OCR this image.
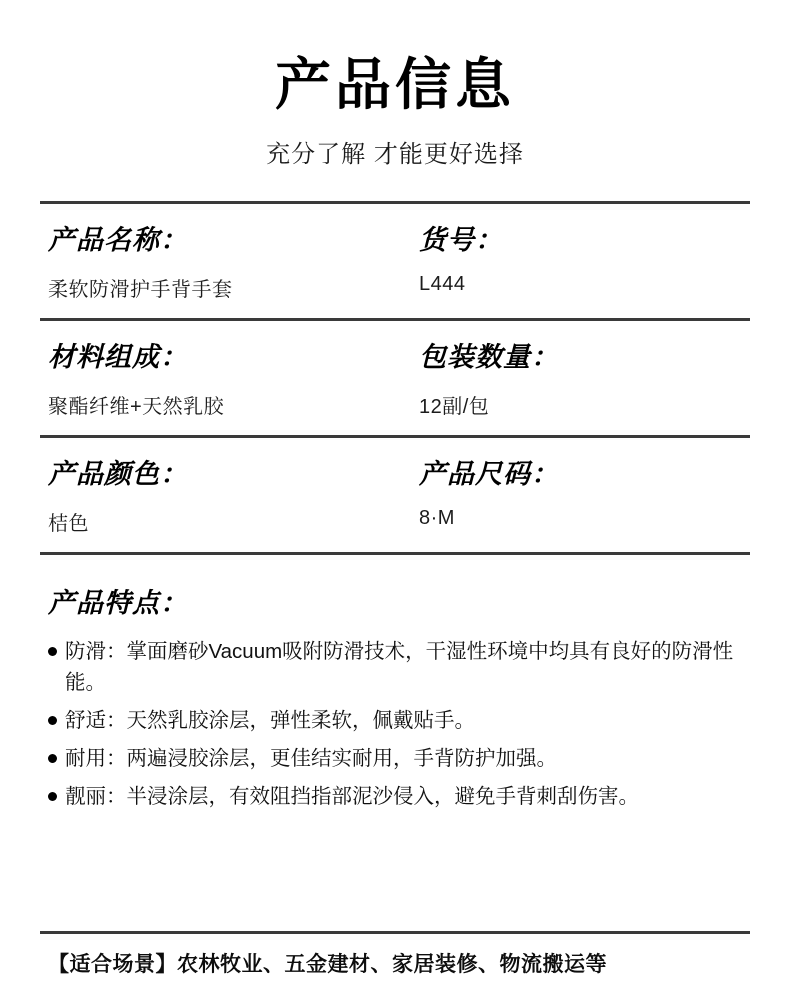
产品信息
充分了解 才能更好选择
产品名称：
柔软防滑护手背手套
货号：
L444
材料组成：
聚酯纤维+天然乳胶
包装数量：
12副/包
产品颜色：
桔色
产品尺码：
8·M
产品特点：
防滑：掌面磨砂Vacuum吸附防滑技术，干湿性环境中均具有良好的防滑性能。
舒适：天然乳胶涂层，弹性柔软，佩戴贴手。
耐用：两遍浸胶涂层，更佳结实耐用，手背防护加强。
靓丽：半浸涂层，有效阻挡指部泥沙侵入，避免手背刺刮伤害。
【适合场景】农林牧业、五金建材、家居装修、物流搬运等
